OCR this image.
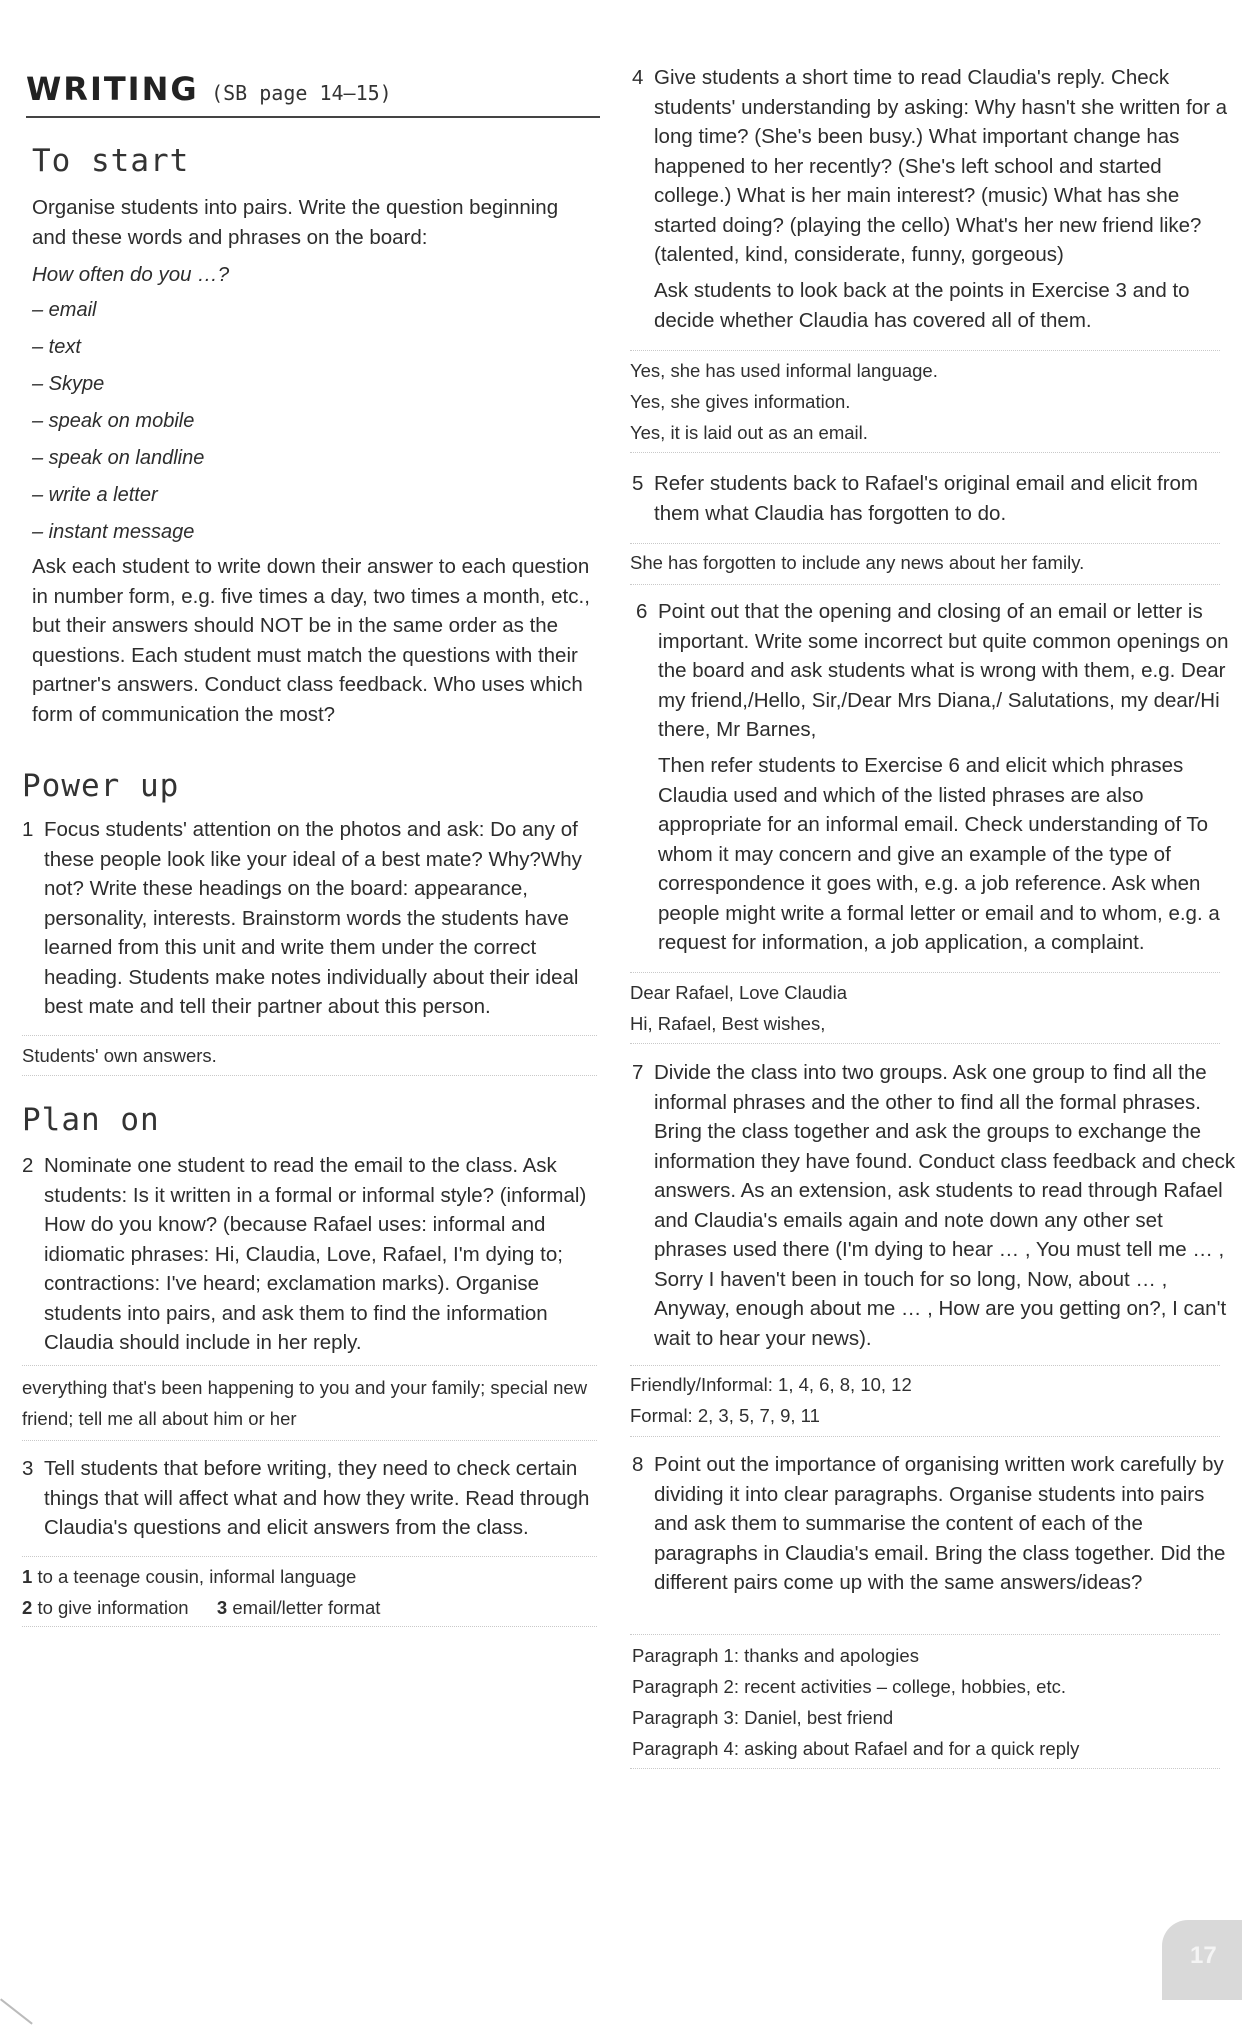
WRITING (SB page 14–15)
To start
Organise students into pairs. Write the question beginning and these words and phrases on the board:
How often do you …?
– email
– text
– Skype
– speak on mobile
– speak on landline
– write a letter
– instant message
Ask each student to write down their answer to each question in number form, e.g. five times a day, two times a month, etc., but their answers should NOT be in the same order as the questions. Each student must match the questions with their partner's answers. Conduct class feedback. Who uses which form of communication the most?
Power up
1 Focus students' attention on the photos and ask: Do any of these people look like your ideal of a best mate? Why?Why not? Write these headings on the board: appearance, personality, interests. Brainstorm words the students have learned from this unit and write them under the correct heading. Students make notes individually about their ideal best mate and tell their partner about this person.
Students' own answers.
Plan on
2 Nominate one student to read the email to the class. Ask students: Is it written in a formal or informal style? (informal) How do you know? (because Rafael uses: informal and idiomatic phrases: Hi, Claudia, Love, Rafael, I'm dying to; contractions: I've heard; exclamation marks). Organise students into pairs, and ask them to find the information Claudia should include in her reply.
everything that's been happening to you and your family; special new friend; tell me all about him or her
3 Tell students that before writing, they need to check certain things that will affect what and how they write. Read through Claudia's questions and elicit answers from the class.
1 to a teenage cousin, informal language
2 to give information 3 email/letter format
4 Give students a short time to read Claudia's reply. Check students' understanding by asking: Why hasn't she written for a long time? (She's been busy.) What important change has happened to her recently? (She's left school and started college.) What is her main interest? (music) What has she started doing? (playing the cello) What's her new friend like? (talented, kind, considerate, funny, gorgeous)
Ask students to look back at the points in Exercise 3 and to decide whether Claudia has covered all of them.
Yes, she has used informal language.
Yes, she gives information.
Yes, it is laid out as an email.
5 Refer students back to Rafael's original email and elicit from them what Claudia has forgotten to do.
She has forgotten to include any news about her family.
6 Point out that the opening and closing of an email or letter is important. Write some incorrect but quite common openings on the board and ask students what is wrong with them, e.g. Dear my friend,/Hello, Sir,/Dear Mrs Diana,/ Salutations, my dear/Hi there, Mr Barnes,
Then refer students to Exercise 6 and elicit which phrases Claudia used and which of the listed phrases are also appropriate for an informal email. Check understanding of To whom it may concern and give an example of the type of correspondence it goes with, e.g. a job reference. Ask when people might write a formal letter or email and to whom, e.g. a request for information, a job application, a complaint.
Dear Rafael, Love Claudia
Hi, Rafael, Best wishes,
7 Divide the class into two groups. Ask one group to find all the informal phrases and the other to find all the formal phrases. Bring the class together and ask the groups to exchange the information they have found. Conduct class feedback and check answers. As an extension, ask students to read through Rafael and Claudia's emails again and note down any other set phrases used there (I'm dying to hear … , You must tell me … , Sorry I haven't been in touch for so long, Now, about … , Anyway, enough about me … , How are you getting on?, I can't wait to hear your news).
Friendly/Informal: 1, 4, 6, 8, 10, 12
Formal: 2, 3, 5, 7, 9, 11
8 Point out the importance of organising written work carefully by dividing it into clear paragraphs. Organise students into pairs and ask them to summarise the content of each of the paragraphs in Claudia's email. Bring the class together. Did the different pairs come up with the same answers/ideas?
Paragraph 1: thanks and apologies
Paragraph 2: recent activities – college, hobbies, etc.
Paragraph 3: Daniel, best friend
Paragraph 4: asking about Rafael and for a quick reply
17
